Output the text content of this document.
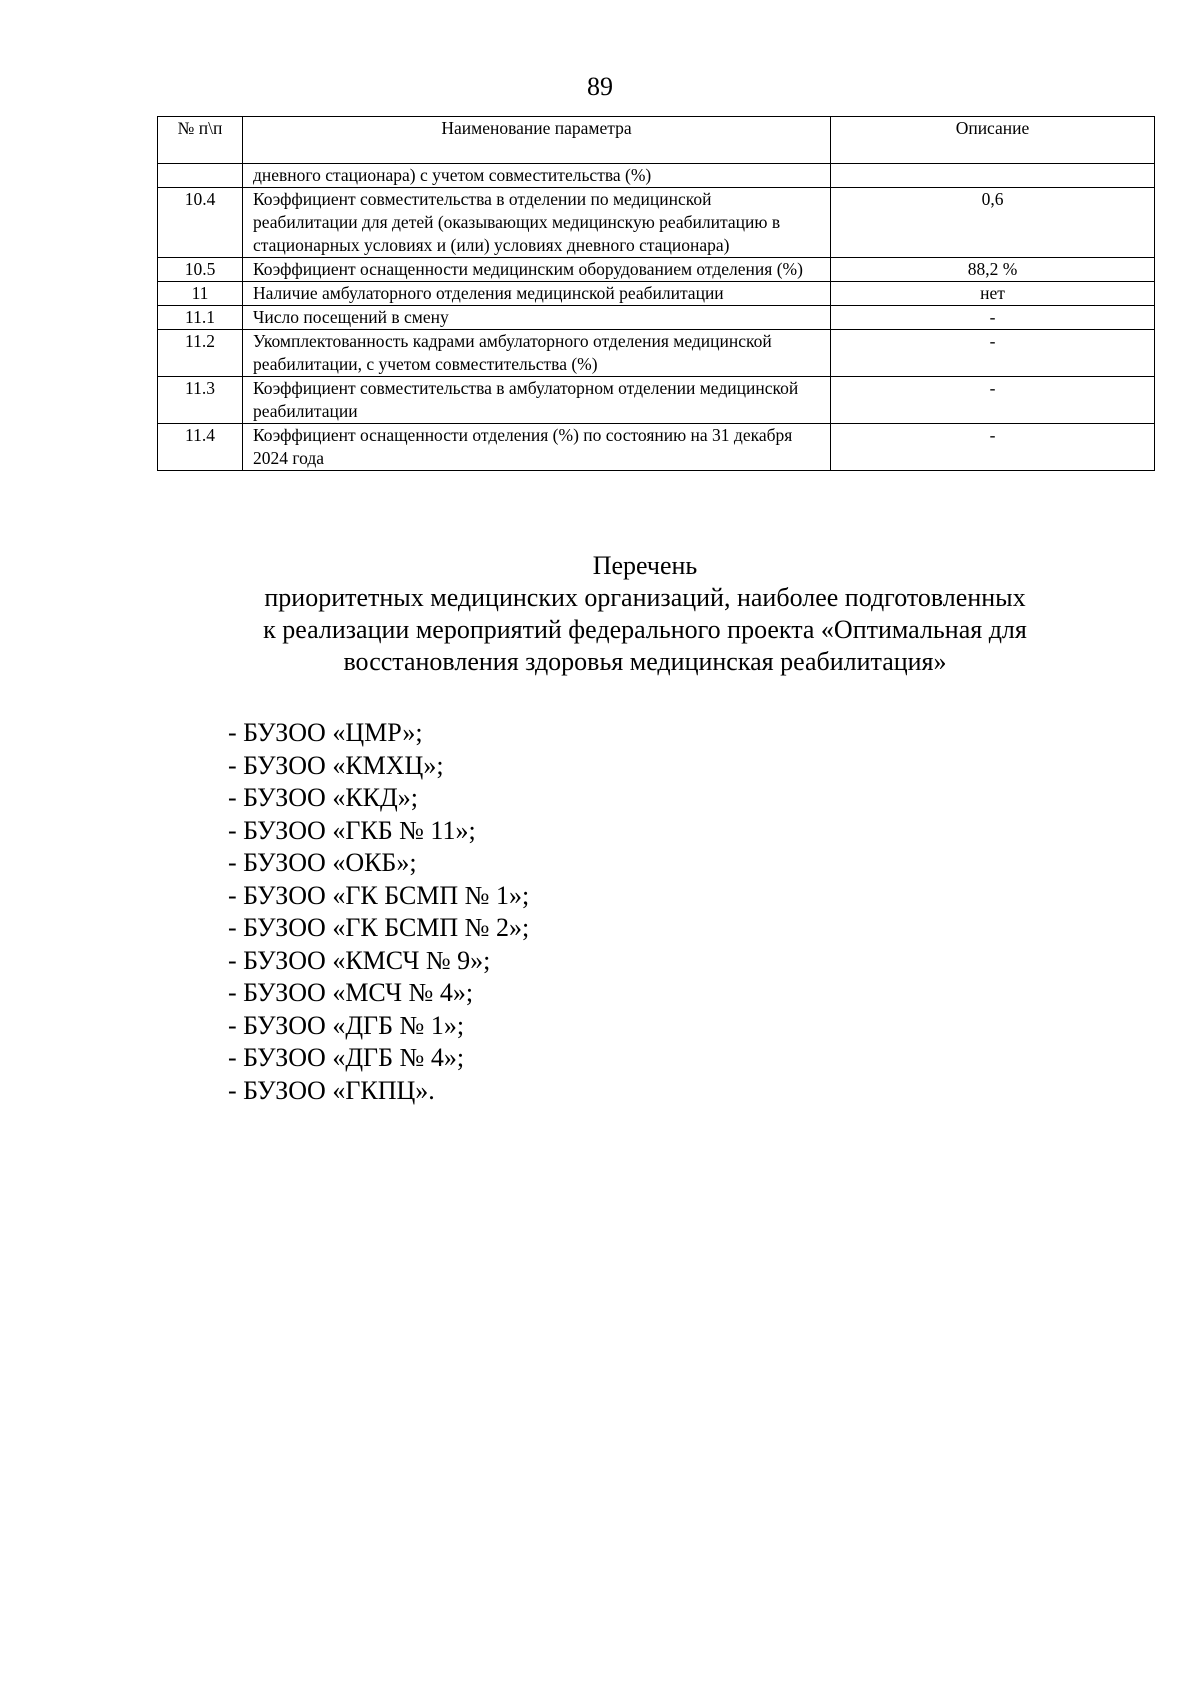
89
№ п\п	Наименование параметра	Описание
	дневного стационара) с учетом совместительства (%)	
10.4	Коэффициент совместительства в отделении по медицинской реабилитации для детей (оказывающих медицинскую реабилитацию в стационарных условиях и (или) условиях дневного стационара)	0,6
10.5	Коэффициент оснащенности медицинским оборудованием отделения (%)	88,2 %
11	Наличие амбулаторного отделения медицинской реабилитации	нет
11.1	Число посещений в смену	-
11.2	Укомплектованность кадрами амбулаторного отделения медицинской реабилитации, с учетом совместительства (%)	-
11.3	Коэффициент совместительства в амбулаторном отделении медицинской реабилитации	-
11.4	Коэффициент оснащенности отделения (%) по состоянию на 31 декабря 2024 года	-
Перечень
приоритетных медицинских организаций, наиболее подготовленных
к реализации мероприятий федерального проекта «Оптимальная для
восстановления здоровья медицинская реабилитация»
- БУЗОО «ЦМР»;
- БУЗОО «КМХЦ»;
- БУЗОО «ККД»;
- БУЗОО «ГКБ № 11»;
- БУЗОО «ОКБ»;
- БУЗОО «ГК БСМП № 1»;
- БУЗОО «ГК БСМП № 2»;
- БУЗОО «КМСЧ № 9»;
- БУЗОО «МСЧ № 4»;
- БУЗОО «ДГБ № 1»;
- БУЗОО «ДГБ № 4»;
- БУЗОО «ГКПЦ».
